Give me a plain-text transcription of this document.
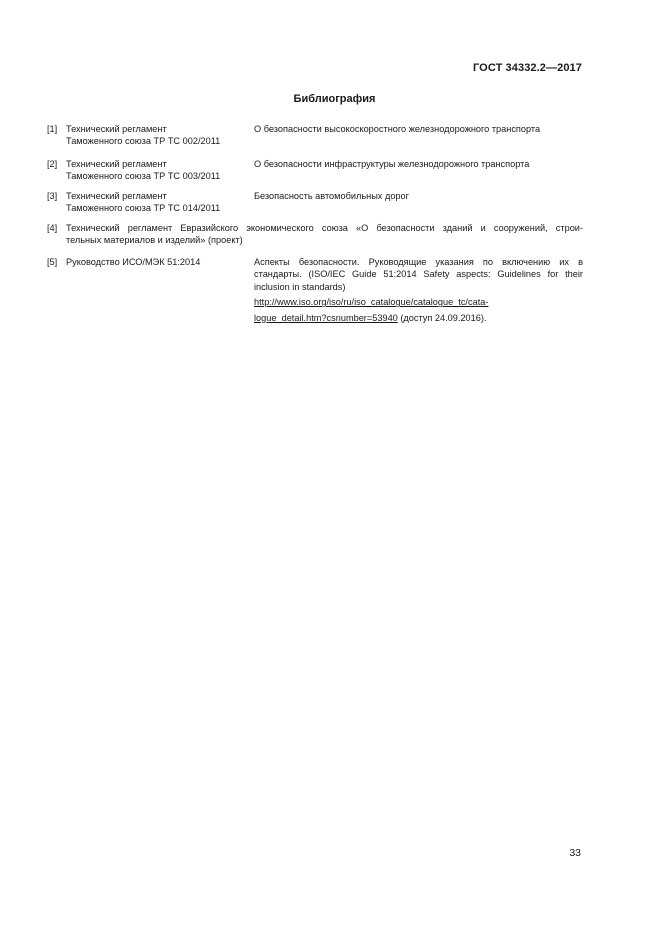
ГОСТ 34332.2—2017
Библиография
[1] Технический регламент
Таможенного союза ТР ТС 002/2011
О безопасности высокоскоростного железнодорожного транспорта
[2] Технический регламент
Таможенного союза ТР ТС 003/2011
О безопасности инфраструктуры железнодорожного транспорта
[3] Технический регламент
Таможенного союза ТР ТС 014/2011
Безопасность автомобильных дорог
[4] Технический регламент Евразийского экономического союза «О безопасности зданий и сооружений, строи-
тельных материалов и изделий» (проект)
[5] Руководство ИСО/МЭК 51:2014	Аспекты безопасности. Руководящие указания по включению их в
стандарты. (ISO/IEC Guide 51:2014 Safety aspects: Guidelines for their
inclusion in standards)
http://www.iso.org/iso/ru/iso_catalogue/catalogue_tc/cata-
logue_detail.htm?csnumber=53940 (доступ 24.09.2016).
33
